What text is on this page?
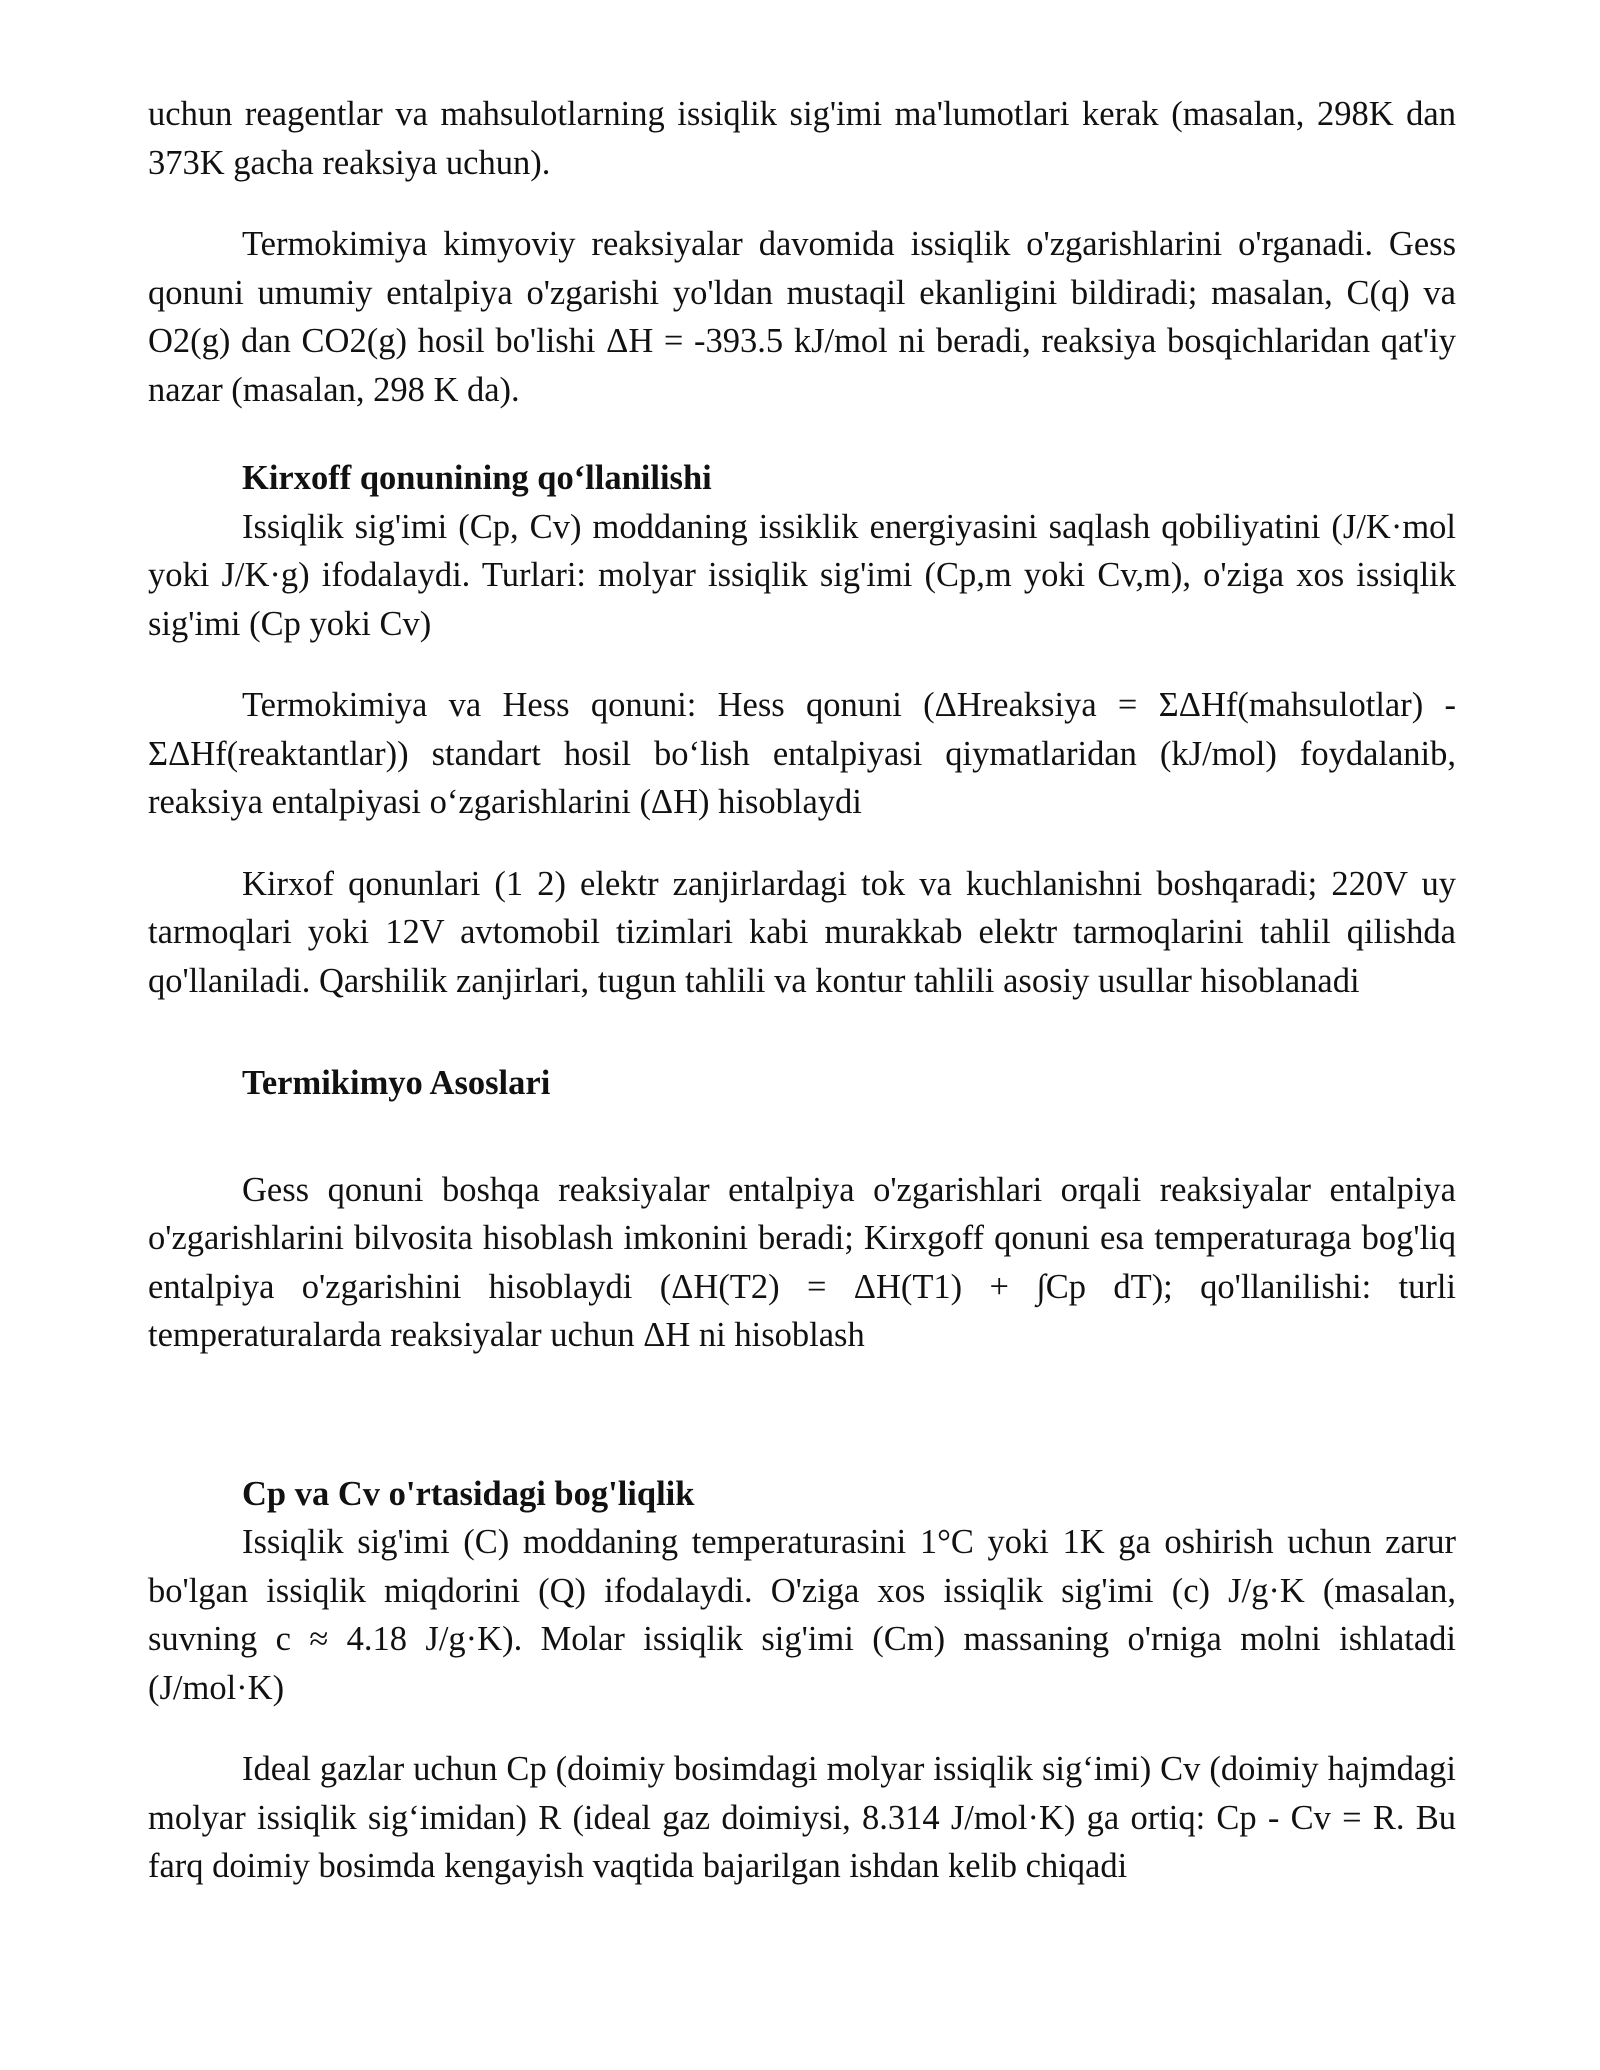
uchun reagentlar va mahsulotlarning issiqlik sig'imi ma'lumotlari kerak (masalan, 298K dan 373K gacha reaksiya uchun).

Termokimiya kimyoviy reaksiyalar davomida issiqlik o'zgarishlarini o'rganadi. Gess qonuni umumiy entalpiya o'zgarishi yo'ldan mustaqil ekanligini bildiradi; masalan, C(q) va O2(g) dan CO2(g) hosil bo'lishi ΔH = -393.5 kJ/mol ni beradi, reaksiya bosqichlaridan qat'iy nazar (masalan, 298 K da).

Kirxoff qonunining qo‘llanilishi

Issiqlik sig'imi (Cp, Cv) moddaning issiklik energiyasini saqlash qobiliyatini (J/K·mol yoki J/K·g) ifodalaydi. Turlari: molyar issiqlik sig'imi (Cp,m yoki Cv,m), o'ziga xos issiqlik sig'imi (Cp yoki Cv)

Termokimiya va Hess qonuni: Hess qonuni (ΔHreaksiya = ΣΔHf(mahsulotlar) - ΣΔHf(reaktantlar)) standart hosil bo‘lish entalpiyasi qiymatlaridan (kJ/mol) foydalanib, reaksiya entalpiyasi o‘zgarishlarini (ΔH) hisoblaydi

Kirxof qonunlari (1 2) elektr zanjirlardagi tok va kuchlanishni boshqaradi; 220V uy tarmoqlari yoki 12V avtomobil tizimlari kabi murakkab elektr tarmoqlarini tahlil qilishda qo'llaniladi. Qarshilik zanjirlari, tugun tahlili va kontur tahlili asosiy usullar hisoblanadi

Termikimyo Asoslari

Gess qonuni boshqa reaksiyalar entalpiya o'zgarishlari orqali reaksiyalar entalpiya o'zgarishlarini bilvosita hisoblash imkonini beradi; Kirxgoff qonuni esa temperaturaga bog'liq entalpiya o'zgarishini hisoblaydi (ΔH(T2) = ΔH(T1) + ∫Cp dT); qo'llanilishi: turli temperaturalarda reaksiyalar uchun ΔH ni hisoblash

Cp va Cv o'rtasidagi bog'liqlik

Issiqlik sig'imi (C) moddaning temperaturasini 1°C yoki 1K ga oshirish uchun zarur bo'lgan issiqlik miqdorini (Q) ifodalaydi. O'ziga xos issiqlik sig'imi (c) J/g·K (masalan, suvning c ≈ 4.18 J/g·K). Molar issiqlik sig'imi (Cm) massaning o'rniga molni ishlatadi (J/mol·K)

Ideal gazlar uchun Cp (doimiy bosimdagi molyar issiqlik sig‘imi) Cv (doimiy hajmdagi molyar issiqlik sig‘imidan) R (ideal gaz doimiysi, 8.314 J/mol·K) ga ortiq: Cp - Cv = R. Bu farq doimiy bosimda kengayish vaqtida bajarilgan ishdan kelib chiqadi
